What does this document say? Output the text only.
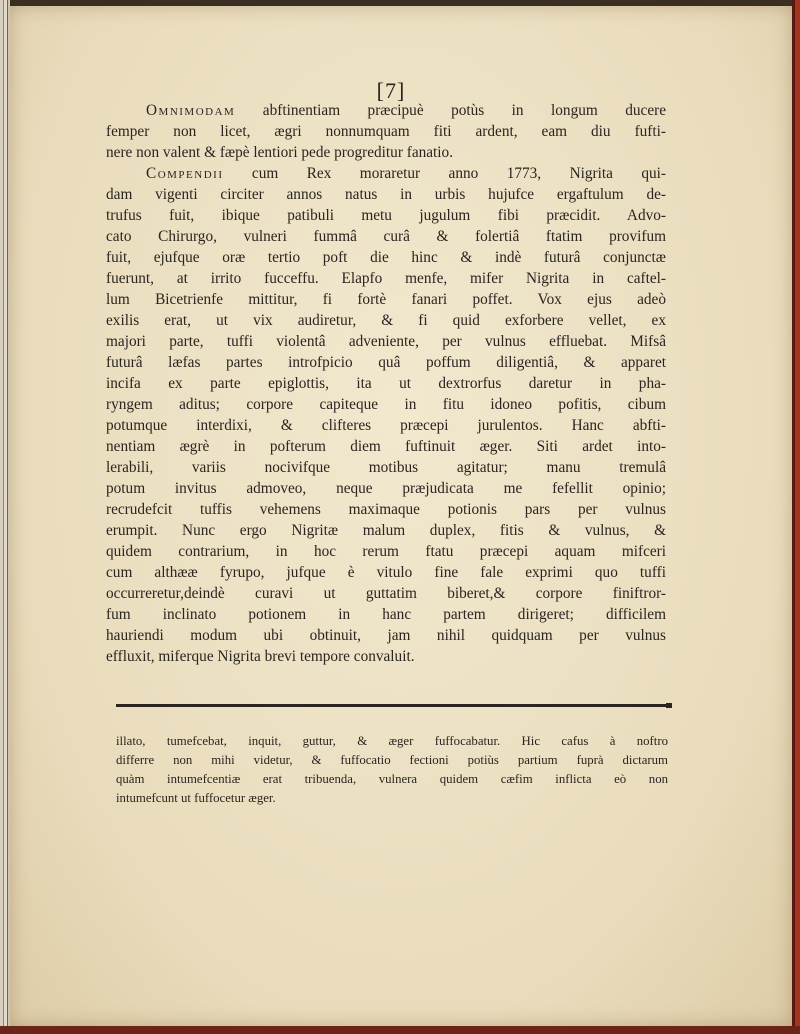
[7]
Omnimodam abftinentiam præcipuè potùs in longum ducere
femper non licet, ægri nonnumquam fiti ardent, eam diu fufti-
nere non valent & fæpè lentiori pede progreditur fanatio.
Compendii cum Rex moraretur anno 1773, Nigrita qui-
dam vigenti circiter annos natus in urbis hujufce ergaftulum de-
trufus fuit, ibique patibuli metu jugulum fibi præcidit. Advo-
cato Chirurgo, vulneri fummâ curâ & folertiâ ftatim provifum
fuit, ejufque oræ tertio poft die hinc & indè futurâ conjunctæ
fuerunt, at irrito fucceffu. Elapfo menfe, mifer Nigrita in caftel-
lum Bicetrienfe mittitur, fi fortè fanari poffet. Vox ejus adeò
exilis erat, ut vix audiretur, & fi quid exforbere vellet, ex
majori parte, tuffi violentâ adveniente, per vulnus effluebat. Mifsâ
futurâ læfas partes introfpicio quâ poffum diligentiâ, & apparet
incifa ex parte epiglottis, ita ut dextrorfus daretur in pha-
ryngem aditus; corpore capiteque in fitu idoneo pofitis, cibum
potumque interdixi, & clifteres præcepi jurulentos. Hanc abfti-
nentiam ægrè in pofterum diem fuftinuit æger. Siti ardet into-
lerabili, variis nocivifque motibus agitatur; manu tremulâ
potum invitus admoveo, neque præjudicata me fefellit opinio;
recrudefcit tuffis vehemens maximaque potionis pars per vulnus
erumpit. Nunc ergo Nigritæ malum duplex, fitis & vulnus, &
quidem contrarium, in hoc rerum ftatu præcepi aquam mifceri
cum althææ fyrupo, jufque è vitulo fine fale exprimi quo tuffi
occurreretur,deindè curavi ut guttatim biberet,& corpore finiftror-
fum inclinato potionem in hanc partem dirigeret; difficilem
hauriendi modum ubi obtinuit, jam nihil quidquam per vulnus
effluxit, miferque Nigrita brevi tempore convaluit.
illato, tumefcebat, inquit, guttur, & æger fuffocabatur. Hic cafus à noftro
differre non mihi videtur, & fuffocatio fectioni potiùs partium fuprà dictarum
quàm intumefcentiæ erat tribuenda, vulnera quidem cæfim inflicta eò non
intumefcunt ut fuffocetur æger.
